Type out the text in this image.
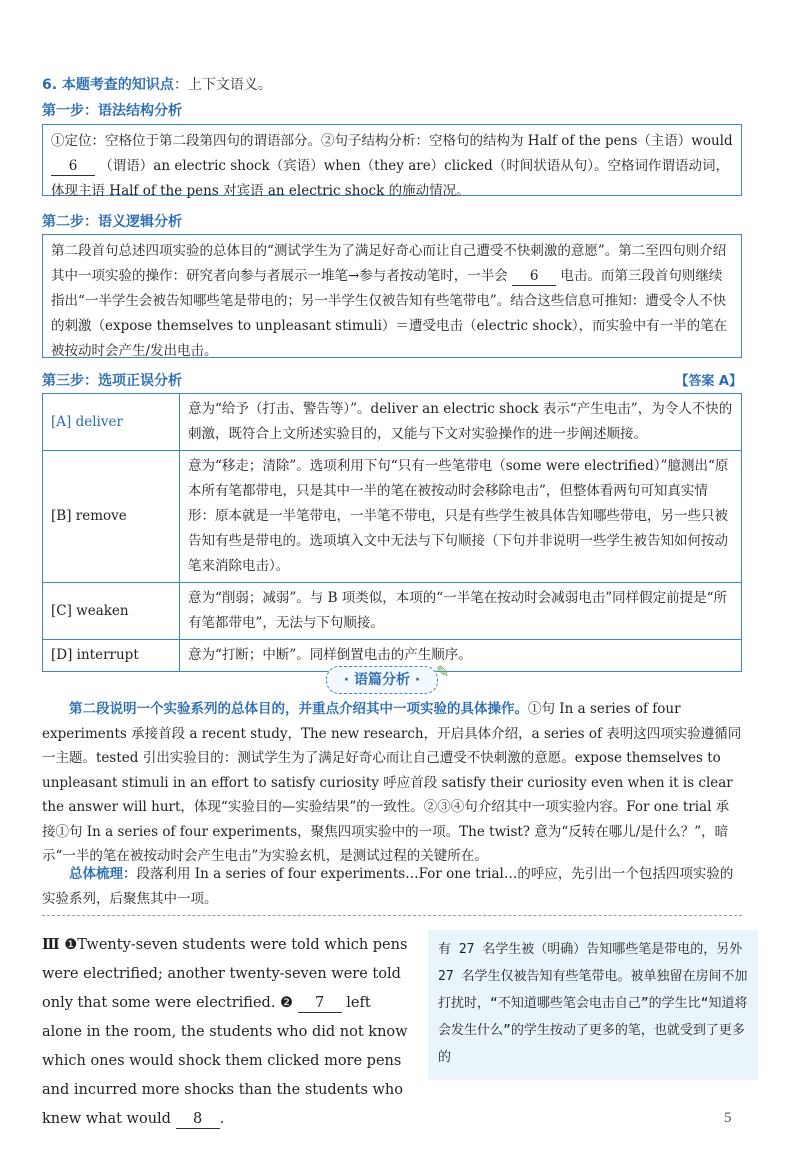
6. 本题考查的知识点：上下文语义。
第一步：语法结构分析
①定位：空格位于第二段第四句的谓语部分。②句子结构分析：空格句的结构为 Half of the pens（主语）would 6 （谓语）an electric shock（宾语）when（they are）clicked（时间状语从句）。空格词作谓语动词，体现主语 Half of the pens 对宾语 an electric shock 的施动情况。
第二步：语义逻辑分析
第二段首句总述四项实验的总体目的“测试学生为了满足好奇心而让自己遭受不快刺激的意愿”。第二至四句则介绍其中一项实验的操作：研究者向参与者展示一堆笔→参与者按动笔时，一半会 6 电击。而第三段首句则继续指出“一半学生会被告知哪些笔是带电的；另一半学生仅被告知有些笔带电”。结合这些信息可推知：遭受令人不快的刺激（expose themselves to unpleasant stimuli）＝遭受电击（electric shock），而实验中有一半的笔在被按动时会产生/发出电击。
第三步：选项正误分析	【答案 A】
[A] deliver	意为“给予（打击、警告等）”。deliver an electric shock 表示“产生电击”，为令人不快的刺激，既符合上文所述实验目的，又能与下文对实验操作的进一步阐述顺接。
[B] remove	意为“移走；清除”。选项利用下句“只有一些笔带电（some were electrified）”臆测出“原本所有笔都带电，只是其中一半的笔在被按动时会移除电击”，但整体看两句可知真实情形：原本就是一半笔带电，一半笔不带电，只是有些学生被具体告知哪些带电，另一些只被告知有些是带电的。选项填入文中无法与下句顺接（下句并非说明一些学生被告知如何按动笔来消除电击）。
[C] weaken	意为“削弱；减弱”。与 B 项类似，本项的“一半笔在按动时会减弱电击”同样假定前提是“所有笔都带电”，无法与下句顺接。
[D] interrupt	意为“打断；中断”。同样倒置电击的产生顺序。
· 语篇分析 · ✎
第二段说明一个实验系列的总体目的，并重点介绍其中一项实验的具体操作。①句 In a series of four experiments 承接首段 a recent study，The new research，开启具体介绍，a series of 表明这四项实验遵循同一主题。tested 引出实验目的：测试学生为了满足好奇心而让自己遭受不快刺激的意愿。expose themselves to unpleasant stimuli in an effort to satisfy curiosity 呼应首段 satisfy their curiosity even when it is clear the answer will hurt，体现“实验目的—实验结果”的一致性。②③④句介绍其中一项实验内容。For one trial 承接①句 In a series of four experiments，聚焦四项实验中的一项。The twist? 意为“反转在哪儿/是什么？”，暗示“一半的笔在被按动时会产生电击”为实验玄机，是测试过程的关键所在。
总体梳理：段落利用 In a series of four experiments…For one trial…的呼应，先引出一个包括四项实验的实验系列，后聚焦其中一项。
Ⅲ ❶Twenty-seven students were told which pens were electrified; another twenty-seven were told only that some were electrified. ❷ 7 left alone in the room, the students who did not know which ones would shock them clicked more pens and incurred more shocks than the students who knew what would 8 .
有 27 名学生被（明确）告知哪些笔是带电的，另外 27 名学生仅被告知有些笔带电。被单独留在房间不加打扰时，“不知道哪些笔会电击自己”的学生比“知道将会发生什么”的学生按动了更多的笔，也就受到了更多的
5
